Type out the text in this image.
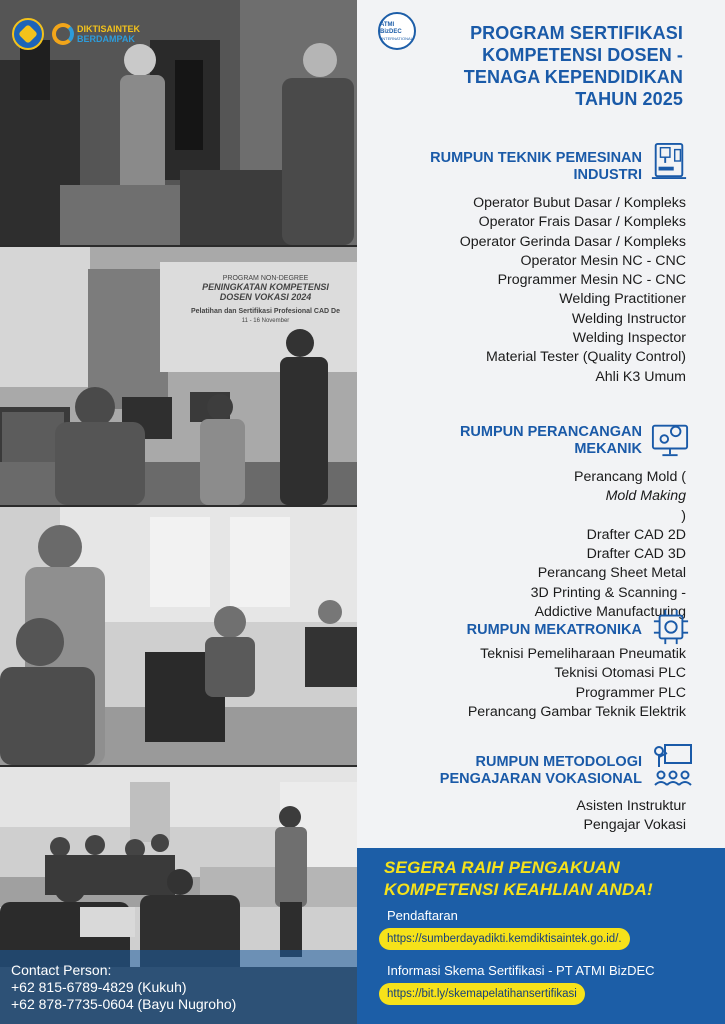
DIKTISAINTEK
BERDAMPAK
PROGRAM NON-DEGREE
PENINGKATAN KOMPETENSI
DOSEN VOKASI 2024
Pelatihan dan Sertifikasi Profesional CAD De
11 - 16 November
Contact Person:
+62 815-6789-4829 (Kukuh)
+62 878-7735-0604 (Bayu Nugroho)
ATMI BizDEC
INTERNATIONAL	PROGRAM SERTIFIKASI
KOMPETENSI DOSEN -
TENAGA KEPENDIDIKAN
TAHUN 2025
RUMPUN TEKNIK PEMESINAN
INDUSTRI
Operator Bubut Dasar / Kompleks
Operator Frais Dasar / Kompleks
Operator Gerinda Dasar / Kompleks
Operator Mesin NC - CNC
Programmer Mesin NC - CNC
Welding Practitioner
Welding Instructor
Welding Inspector
Material Tester (Quality Control)
Ahli K3 Umum
RUMPUN PERANCANGAN
MEKANIK
Perancang Mold (
Mold Making
)
Drafter CAD 2D
Drafter CAD 3D
Perancang Sheet Metal
3D Printing & Scanning -
Addictive Manufacturing
RUMPUN MEKATRONIKA
Teknisi Pemeliharaan Pneumatik
Teknisi Otomasi PLC
Programmer PLC
Perancang Gambar Teknik Elektrik
RUMPUN METODOLOGI
PENGAJARAN VOKASIONAL
Asisten Instruktur
Pengajar Vokasi
SEGERA RAIH PENGAKUAN
KOMPETENSI KEAHLIAN ANDA!
Pendaftaran
https://sumberdayadikti.kemdiktisaintek.go.id/.
Informasi Skema Sertifikasi - PT ATMI BizDEC
https://bit.ly/skemapelatihansertifikasi
